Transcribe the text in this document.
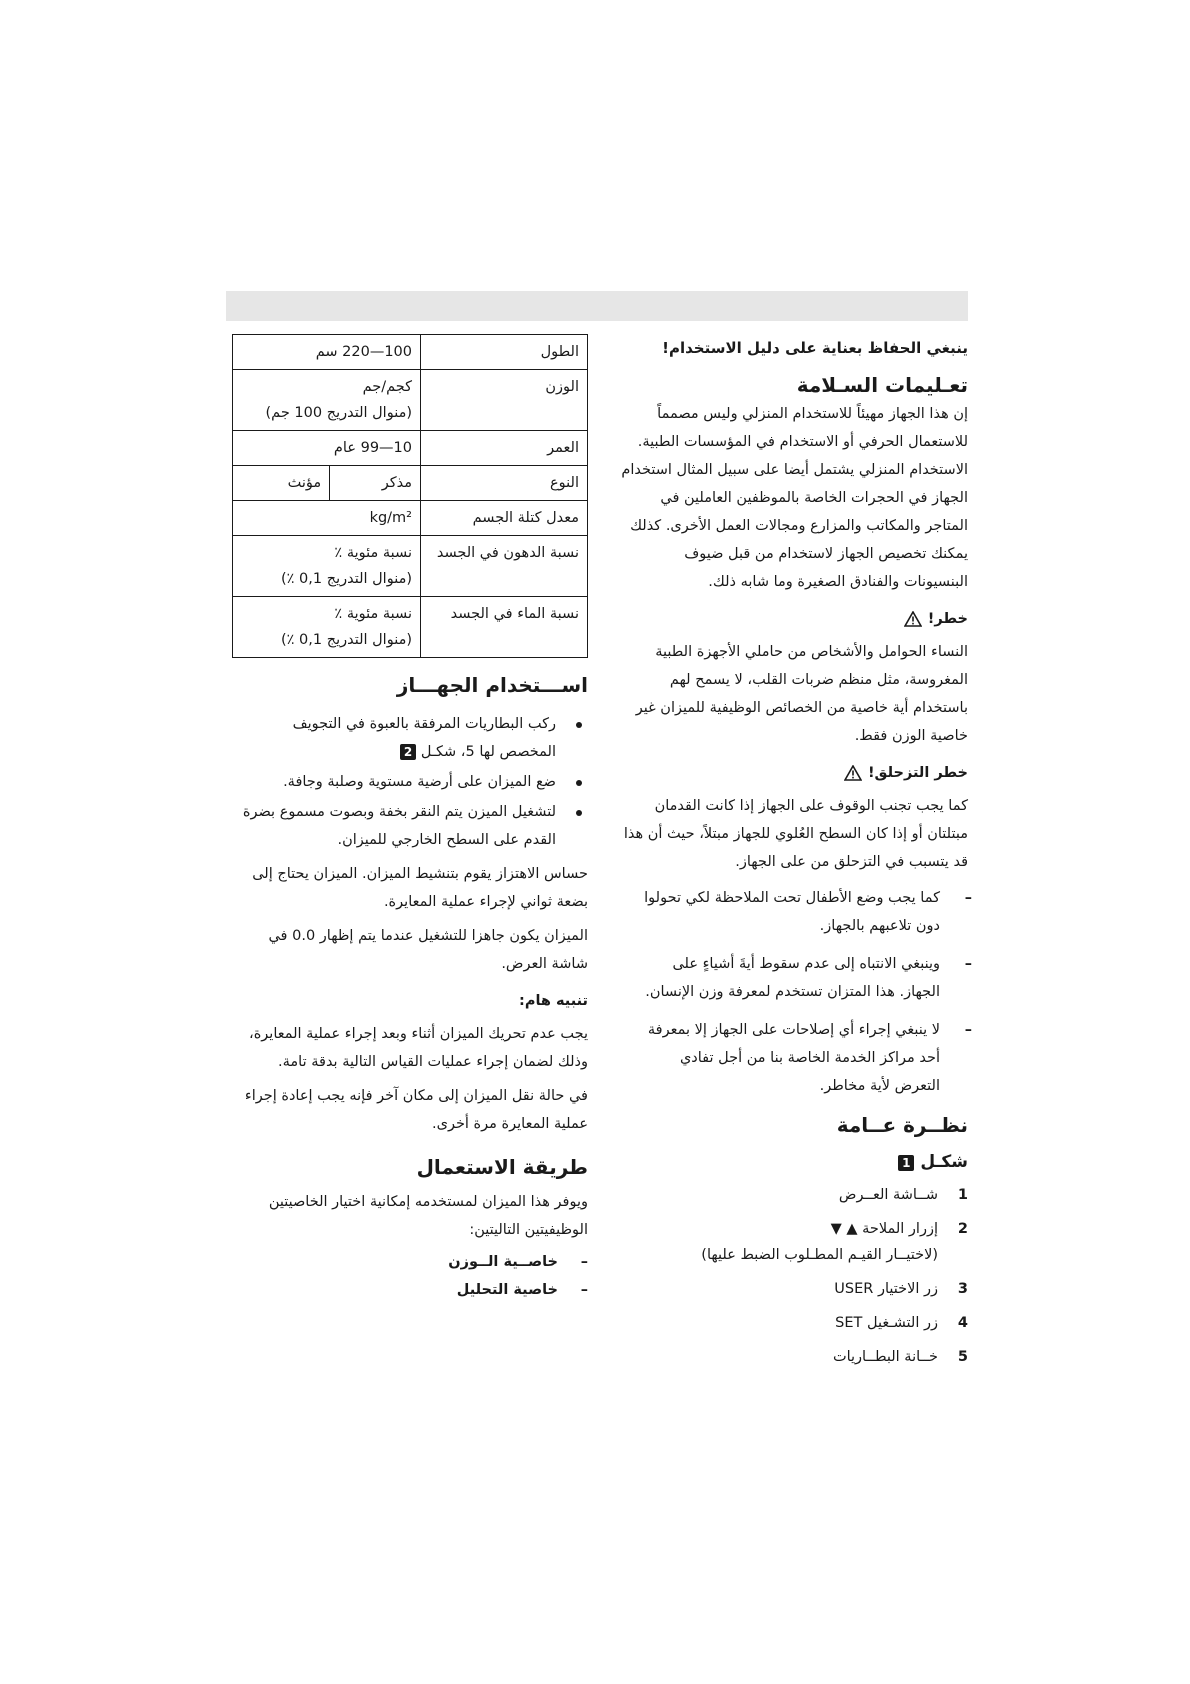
ينبغي الحفاظ بعناية على دليل الاستخدام!

تعـليمات السـلامة

إن هذا الجهاز مهيئاً للاستخدام المنزلي وليس مصمماً للاستعمال الحرفي أو الاستخدام في المؤسسات الطبية. الاستخدام المنزلي يشتمل أيضا على سبيل المثال استخدام الجهاز في الحجرات الخاصة بالموظفين العاملين في المتاجر والمكاتب والمزارع ومجالات العمل الأخرى. كذلك يمكنك تخصيص الجهاز لاستخدام من قبل ضيوف البنسيونات والفنادق الصغيرة وما شابه ذلك.

خطر!

النساء الحوامل والأشخاص من حاملي الأجهزة الطبية المغروسة، مثل منظم ضربات القلب، لا يسمح لهم باستخدام أية خاصية من الخصائص الوظيفية للميزان غير خاصية الوزن فقط.

خطر التزحلق!

كما يجب تجنب الوقوف على الجهاز إذا كانت القدمان مبتلتان أو إذا كان السطح العُلوي للجهاز مبتلاً، حيث أن هذا قد يتسبب في التزحلق من على الجهاز.

–
كما يجب وضع الأطفال تحت الملاحظة لكي تحولوا دون تلاعبهم بالجهاز.
–
وينبغي الانتباه إلى عدم سقوط أيةَ أشياءٍ على الجهاز. هذا المتزان تستخدم لمعرفة وزن الإنسان.
–
لا ينبغي إجراء أي إصلاحات على الجهاز إلا بمعرفة أحد مراكز الخدمة الخاصة بنا من أجل تفادي التعرض لأية مخاطر.
نظــرة عــامة
شكـل 1
1
شــاشة العــرض
2
إزرار الملاحة ▲ ▼
(لاختيــار القيـم المطـلوب الضبط عليها)
3
زر الاختيار USER
4
زر التشـغيل SET
5
خــانة البطــاريات
الطول	100—220 سم	
الوزن	كجم/جم
(منوال التدريج 100 جم)	

العمر	10—99 عام	
النوع	مذكر	مؤنث
معدل كتلة الجسم	kg/m²	
نسبة الدهون في الجسد	نسبة مئوية ٪
(منوال التدريج 0,1 ٪)	

نسبة الماء في الجسد	نسبة مئوية ٪
(منوال التدريج 0,1 ٪)	
اســـتخدام الجهـــاز
ركب البطاريات المرفقة بالعبوة في التجويف المخصص لها 5، شكـل 2
ضع الميزان على أرضية مستوية وصلبة وجافة.
لتشغيل الميزن يتم النقر بخفة وبصوت مسموع بضرة القدم على السطح الخارجي للميزان.

حساس الاهتزاز يقوم بتنشيط الميزان. الميزان يحتاج إلى بضعة ثواني لإجراء عملية المعايرة.

الميزان يكون جاهزا للتشغيل عندما يتم إظهار 0.0 في شاشة العرض.

تنبيه هام:

يجب عدم تحريك الميزان أثناء وبعد إجراء عملية المعايرة، وذلك لضمان إجراء عمليات القياس التالية بدقة تامة.

في حالة نقل الميزان إلى مكان آخر فإنه يجب إعادة إجراء عملية المعايرة مرة أخرى.

طريقة الاستعمال

ويوفر هذا الميزان لمستخدمه إمكانية اختيار الخاصيتين الوظيفيتين التاليتين:

–
خاصــية الــوزن
–
خاصية التحليل
